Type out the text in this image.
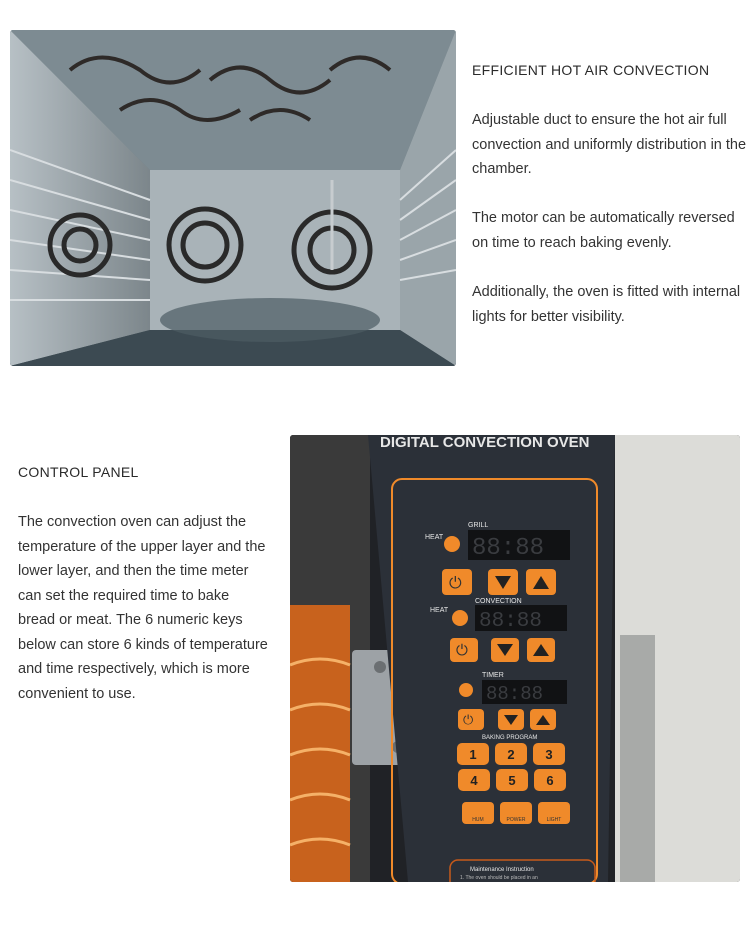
EFFICIENT HOT AIR CONVECTION
Adjustable duct to ensure the hot air full convection and uniformly distribution in the chamber.
The motor can be automatically reversed on time to reach baking evenly.
Additionally, the oven is fitted with internal lights for better visibility.
CONTROL PANEL
The convection oven can adjust the temperature of the upper layer and the lower layer, and then the time meter can set the required time to bake bread or meat. The 6 numeric keys below can store 6 kinds of temperature and time respectively, which is more convenient to use.
DIGITAL CONVECTION OVEN
GRILL
HEAT 88:88
⏻
CONVECTION
HEAT 88:88
⏻
TIMER
88:88
⏻
BAKING PROGRAM
1 2 3
4 5 6
HUM	POWER	LIGHT
Maintenance Instruction
1. The oven should be placed in an
